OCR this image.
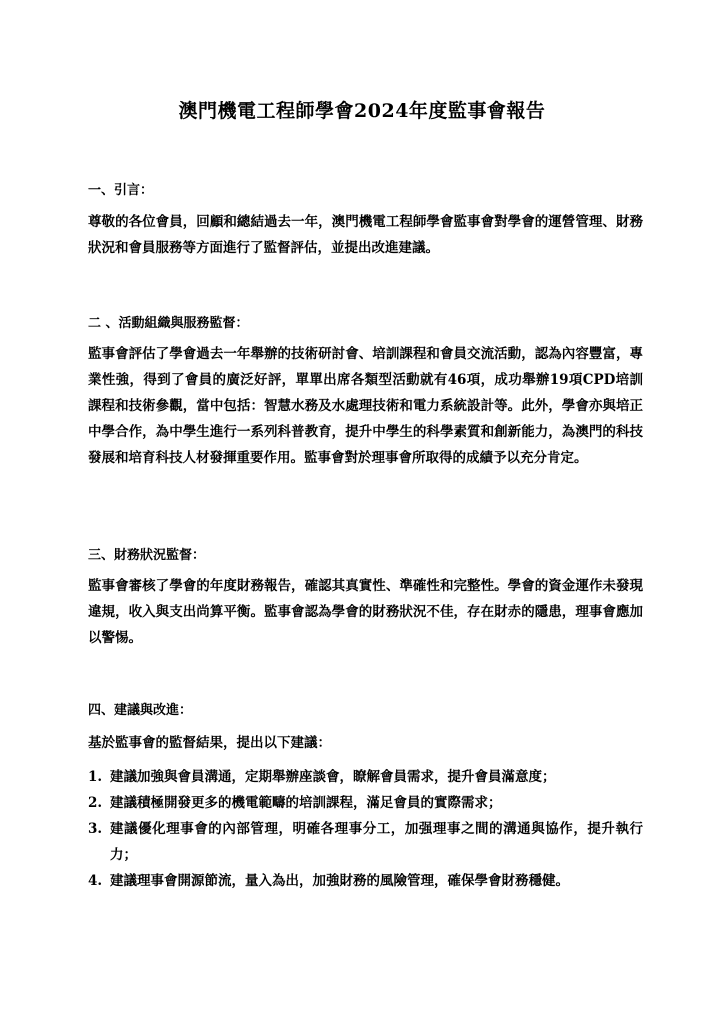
澳門機電工程師學會2024年度監事會報告
一、引言：
尊敬的各位會員，回顧和總結過去一年，澳門機電工程師學會監事會對學會的運營管理、財務狀況和會員服務等方面進行了監督評估，並提出改進建議。
二 、活動組織與服務監督：
監事會評估了學會過去一年舉辦的技術研討會、培訓課程和會員交流活動，認為內容豐富，專業性強，得到了會員的廣泛好評，單單出席各類型活動就有46項，成功舉辦19項CPD培訓課程和技術參觀，當中包括：智慧水務及水處理技術和電力系統設計等。此外，學會亦與培正中學合作，為中學生進行一系列科普教育，提升中學生的科學素質和創新能力，為澳門的科技發展和培育科技人材發揮重要作用。監事會對於理事會所取得的成績予以充分肯定。
三、財務狀況監督：
監事會審核了學會的年度財務報告，確認其真實性、準確性和完整性。學會的資金運作未發現違規，收入與支出尚算平衡。監事會認為學會的財務狀況不佳，存在財赤的隱患，理事會應加以警惕。
四、建議與改進：
基於監事會的監督結果，提出以下建議：
1. 建議加強與會員溝通，定期舉辦座談會，瞭解會員需求，提升會員滿意度；
2. 建議積極開發更多的機電範疇的培訓課程，滿足會員的實際需求；
3. 建議優化理事會的內部管理，明確各理事分工，加强理事之間的溝通與協作，提升執行力；
4. 建議理事會開源節流，量入為出，加強財務的風險管理，確保學會財務穩健。
